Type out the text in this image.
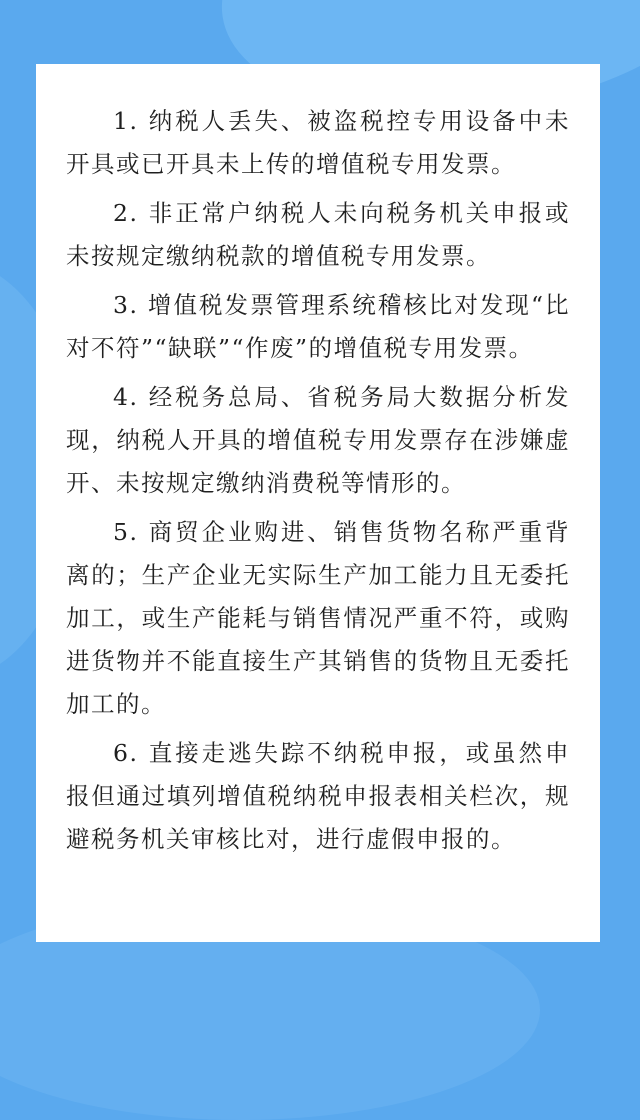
1. 纳税人丢失、被盗税控专用设备中未开具或已开具未上传的增值税专用发票。

2. 非正常户纳税人未向税务机关申报或未按规定缴纳税款的增值税专用发票。

3. 增值税发票管理系统稽核比对发现“比对不符”“缺联”“作废”的增值税专用发票。

4. 经税务总局、省税务局大数据分析发现，纳税人开具的增值税专用发票存在涉嫌虚开、未按规定缴纳消费税等情形的。

5. 商贸企业购进、销售货物名称严重背离的；生产企业无实际生产加工能力且无委托加工，或生产能耗与销售情况严重不符，或购进货物并不能直接生产其销售的货物且无委托加工的。

6. 直接走逃失踪不纳税申报，或虽然申报但通过填列增值税纳税申报表相关栏次，规避税务机关审核比对，进行虚假申报的。
